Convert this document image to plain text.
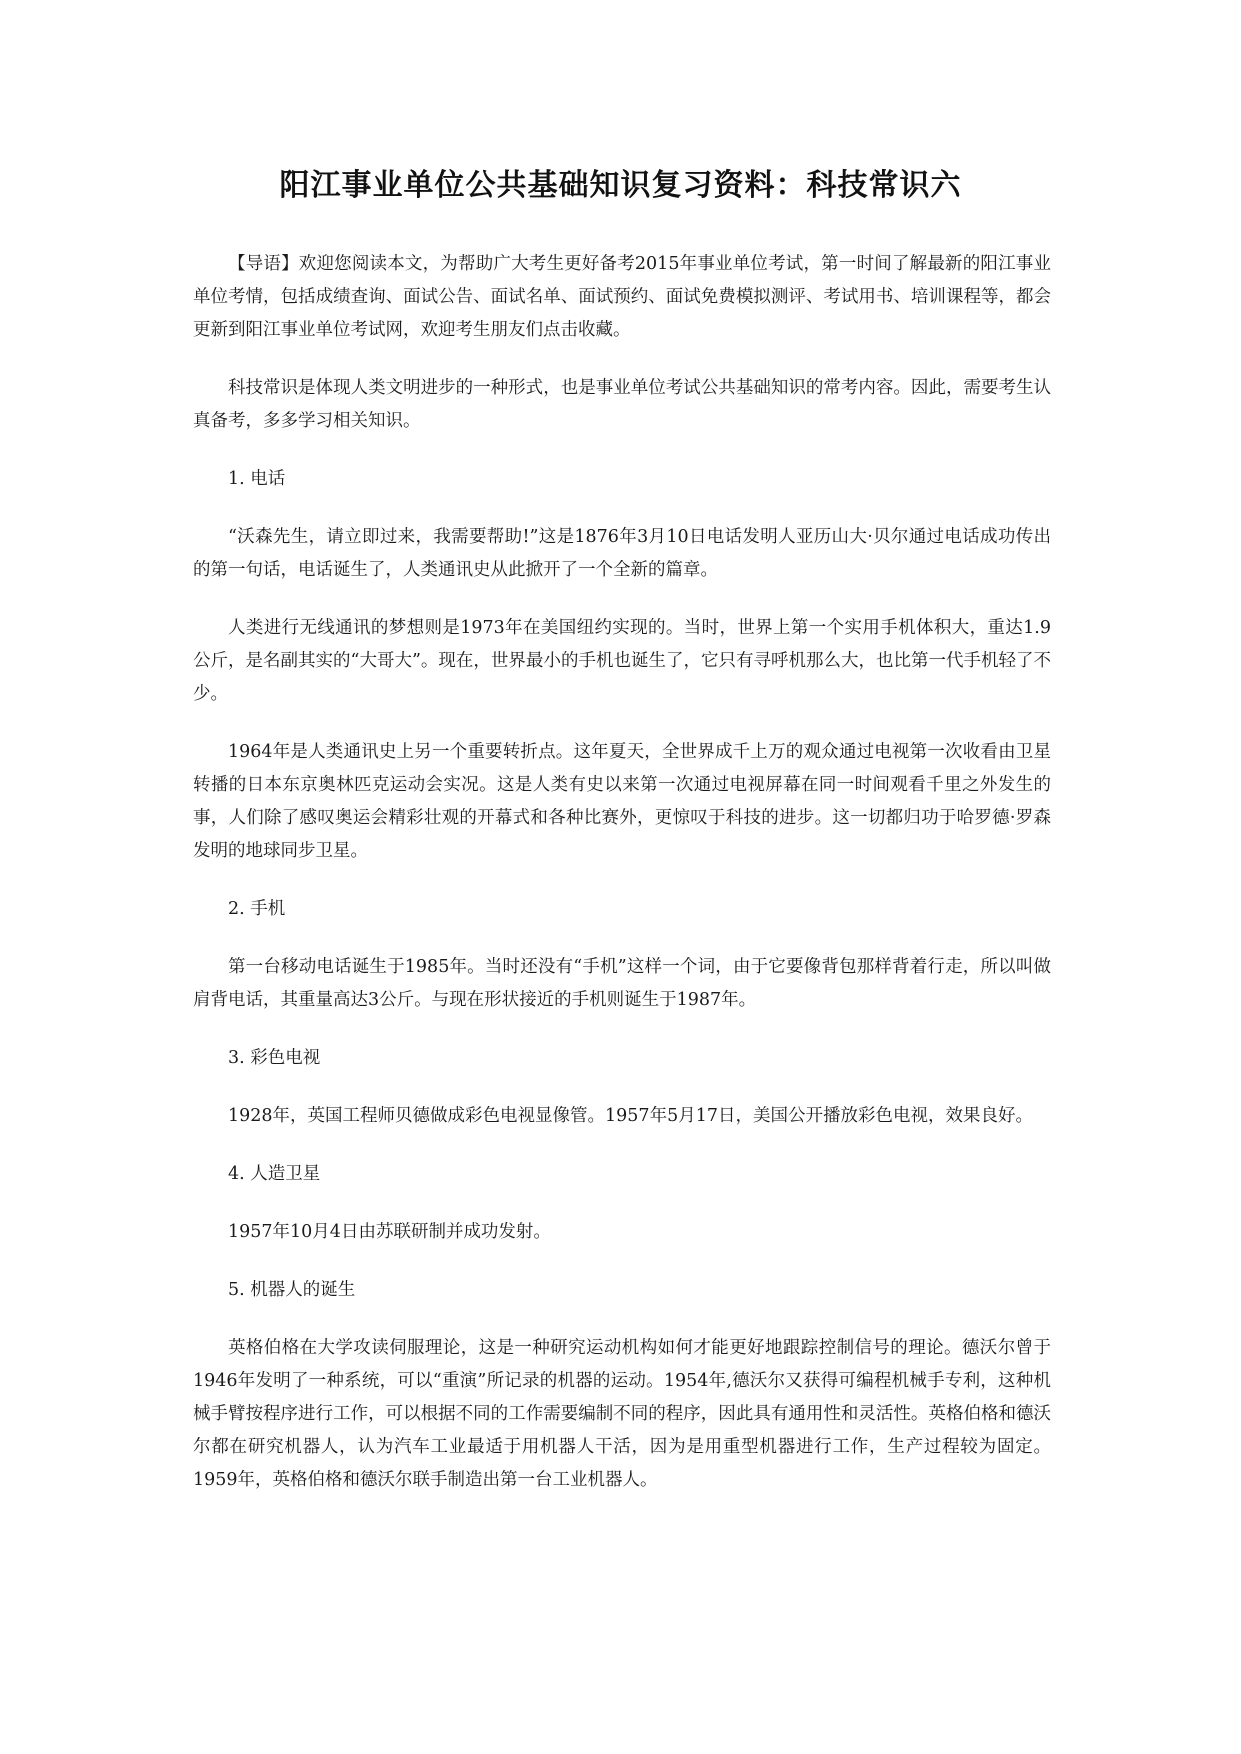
阳江事业单位公共基础知识复习资料：科技常识六

【导语】欢迎您阅读本文，为帮助广大考生更好备考2015年事业单位考试，第一时间了解最新的阳江事业单位考情，包括成绩查询、面试公告、面试名单、面试预约、面试免费模拟测评、考试用书、培训课程等，都会更新到阳江事业单位考试网，欢迎考生朋友们点击收藏。

科技常识是体现人类文明进步的一种形式，也是事业单位考试公共基础知识的常考内容。因此，需要考生认真备考，多多学习相关知识。

1. 电话

“沃森先生，请立即过来，我需要帮助!”这是1876年3月10日电话发明人亚历山大·贝尔通过电话成功传出的第一句话，电话诞生了，人类通讯史从此掀开了一个全新的篇章。

人类进行无线通讯的梦想则是1973年在美国纽约实现的。当时，世界上第一个实用手机体积大，重达1.9公斤，是名副其实的“大哥大”。现在，世界最小的手机也诞生了，它只有寻呼机那么大，也比第一代手机轻了不少。

1964年是人类通讯史上另一个重要转折点。这年夏天，全世界成千上万的观众通过电视第一次收看由卫星转播的日本东京奥林匹克运动会实况。这是人类有史以来第一次通过电视屏幕在同一时间观看千里之外发生的事，人们除了感叹奥运会精彩壮观的开幕式和各种比赛外，更惊叹于科技的进步。这一切都归功于哈罗德·罗森发明的地球同步卫星。

2. 手机

第一台移动电话诞生于1985年。当时还没有“手机”这样一个词，由于它要像背包那样背着行走，所以叫做肩背电话，其重量高达3公斤。与现在形状接近的手机则诞生于1987年。

3. 彩色电视

1928年，英国工程师贝德做成彩色电视显像管。1957年5月17日，美国公开播放彩色电视，效果良好。

4. 人造卫星

1957年10月4日由苏联研制并成功发射。

5. 机器人的诞生

英格伯格在大学攻读伺服理论，这是一种研究运动机构如何才能更好地跟踪控制信号的理论。德沃尔曾于1946年发明了一种系统，可以“重演”所记录的机器的运动。1954年,德沃尔又获得可编程机械手专利，这种机械手臂按程序进行工作，可以根据不同的工作需要编制不同的程序，因此具有通用性和灵活性。英格伯格和德沃尔都在研究机器人，认为汽车工业最适于用机器人干活，因为是用重型机器进行工作，生产过程较为固定。1959年，英格伯格和德沃尔联手制造出第一台工业机器人。
